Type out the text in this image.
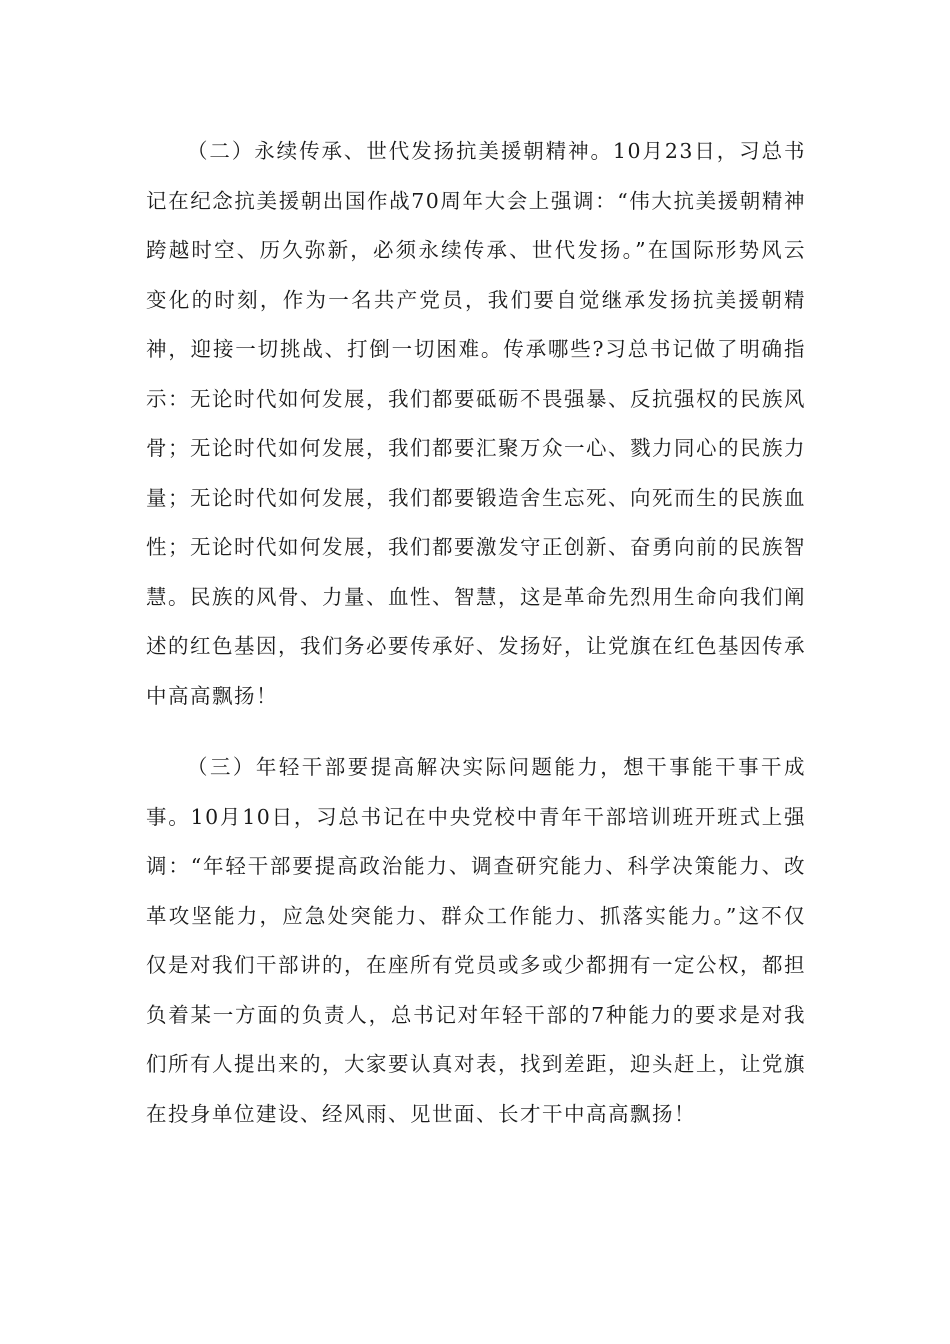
（二）永续传承、世代发扬抗美援朝精神。10月23日，习总书记在纪念抗美援朝出国作战70周年大会上强调：“伟大抗美援朝精神跨越时空、历久弥新，必须永续传承、世代发扬。”在国际形势风云变化的时刻，作为一名共产党员，我们要自觉继承发扬抗美援朝精神，迎接一切挑战、打倒一切困难。传承哪些?习总书记做了明确指示：无论时代如何发展，我们都要砥砺不畏强暴、反抗强权的民族风骨；无论时代如何发展，我们都要汇聚万众一心、戮力同心的民族力量；无论时代如何发展，我们都要锻造舍生忘死、向死而生的民族血性；无论时代如何发展，我们都要激发守正创新、奋勇向前的民族智慧。民族的风骨、力量、血性、智慧，这是革命先烈用生命向我们阐述的红色基因，我们务必要传承好、发扬好，让党旗在红色基因传承中高高飘扬！

（三）年轻干部要提高解决实际问题能力，想干事能干事干成事。10月10日，习总书记在中央党校中青年干部培训班开班式上强调：“年轻干部要提高政治能力、调查研究能力、科学决策能力、改革攻坚能力，应急处突能力、群众工作能力、抓落实能力。”这不仅仅是对我们干部讲的，在座所有党员或多或少都拥有一定公权，都担负着某一方面的负责人，总书记对年轻干部的7种能力的要求是对我们所有人提出来的，大家要认真对表，找到差距，迎头赶上，让党旗在投身单位建设、经风雨、见世面、长才干中高高飘扬！
